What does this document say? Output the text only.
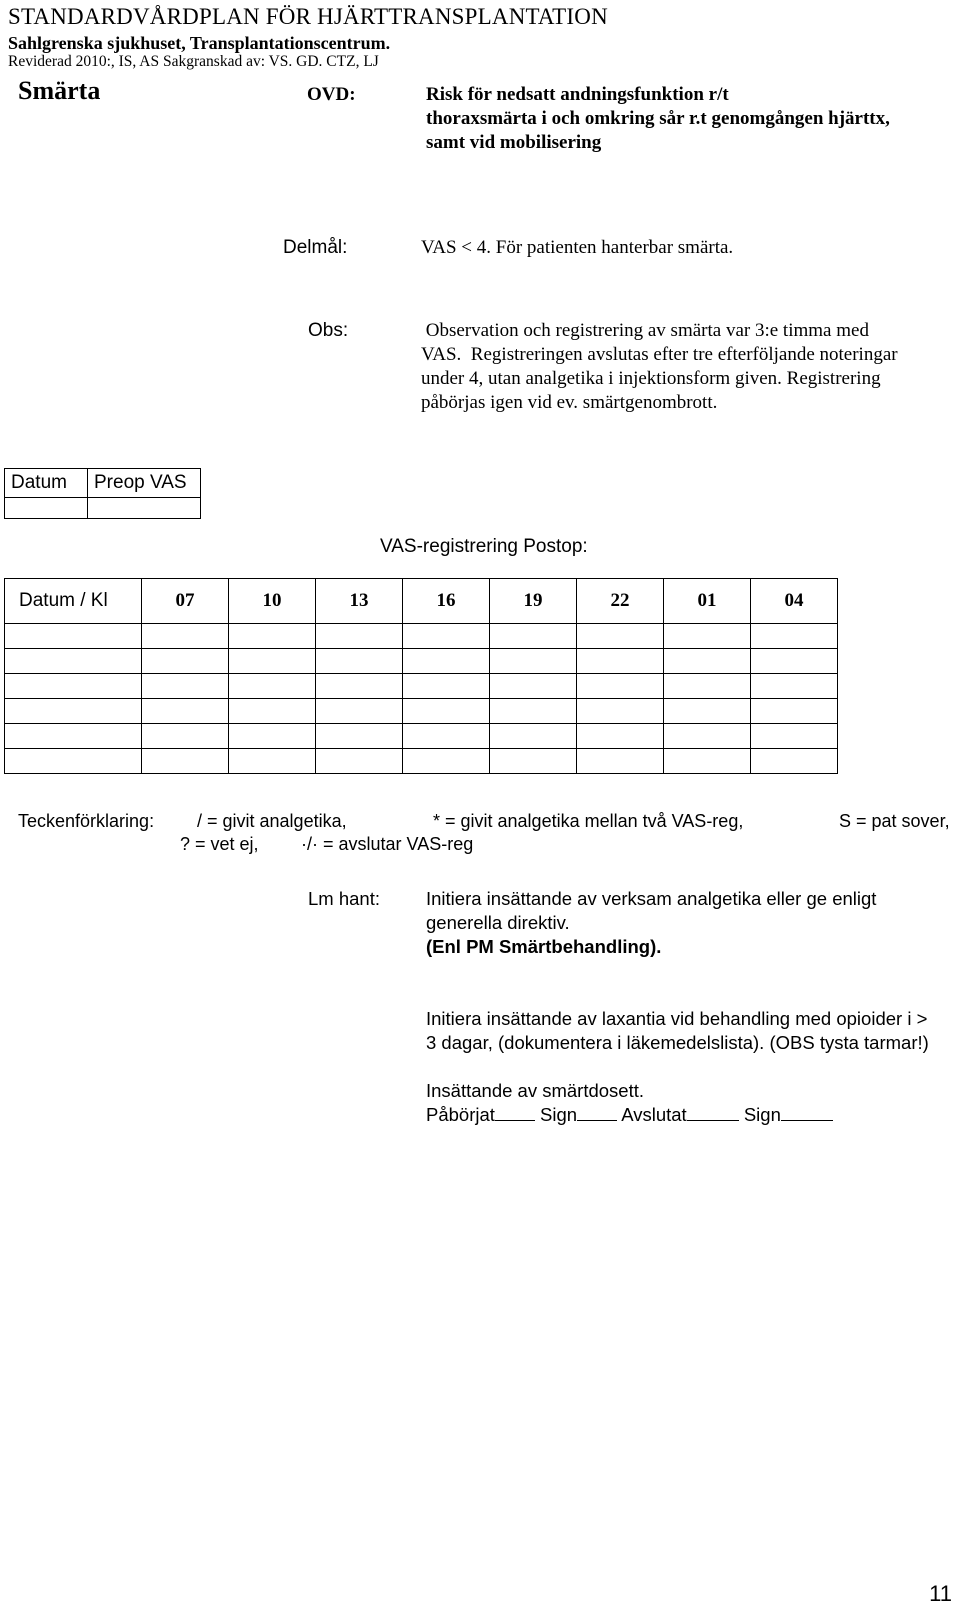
STANDARDVÅRDPLAN FÖR HJÄRTTRANSPLANTATION
Sahlgrenska sjukhuset, Transplantationscentrum.
Reviderad 2010:, IS, AS Sakgranskad av: VS. GD. CTZ, LJ
Smärta	OVD:	Risk för nedsatt andningsfunktion r/t
thoraxsmärta i och omkring sår r.t genomgången hjärttx,
samt vid mobilisering
Delmål:	VAS < 4. För patienten hanterbar smärta.
Obs:	Observation och registrering av smärta var 3:e timma med
VAS.  Registreringen avslutas efter tre efterföljande noteringar
under 4, utan analgetika i injektionsform given. Registrering
påbörjas igen vid ev. smärtgenombrott.
Datum	Preop VAS

VAS-registrering Postop:
Datum / Kl	07	10	13	16	19	22	01	04

Teckenförklaring: / = givit analgetika,	* = givit analgetika mellan två VAS-reg,	S = pat sover,
? = vet ej, ·/· = avslutar VAS-reg
Lm hant: Initiera insättande av verksam analgetika eller ge enligt
generella direktiv.
(Enl PM Smärtbehandling).
Initiera insättande av laxantia vid behandling med opioider i >
3 dagar, (dokumentera i läkemedelslista). (OBS tysta tarmar!)
Insättande av smärtdosett.
Påbörjat Sign Avslutat	Sign
11
